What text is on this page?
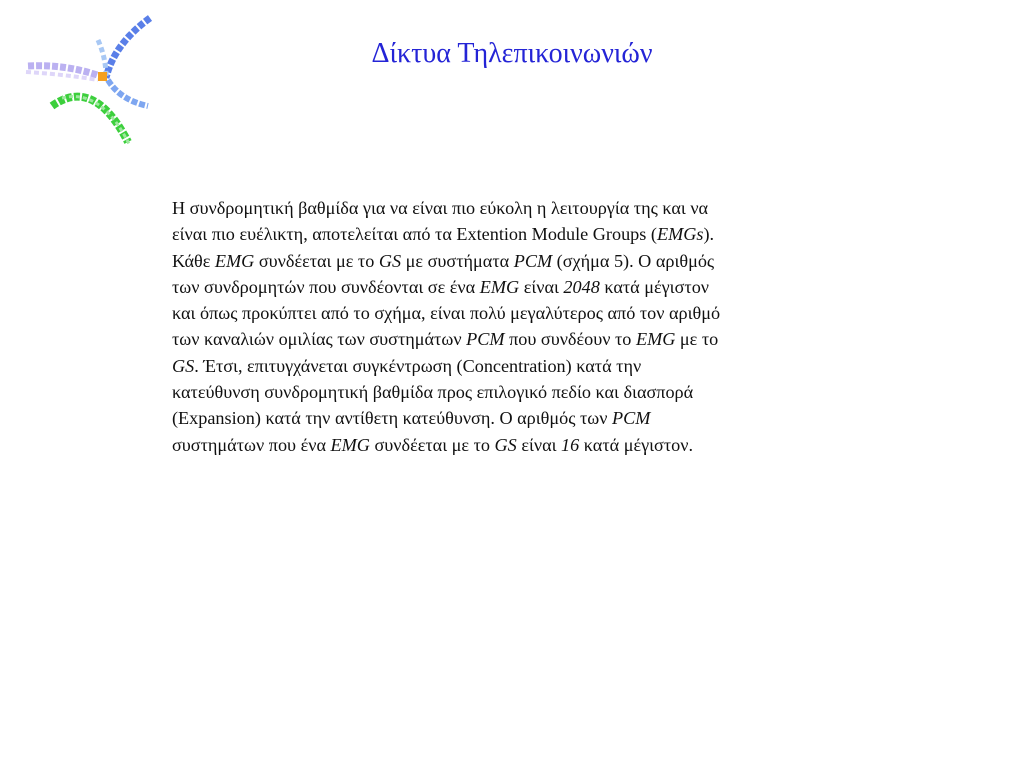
Δίκτυα Τηλεπικοινωνιών
Η συνδρομητική βαθμίδα για να είναι πιο εύκολη η λειτουργία της και να
είναι πιο ευέλικτη, αποτελείται από τα Extention Module Groups (EMGs).
Κάθε EMG συνδέεται με το GS με συστήματα PCM (σχήμα 5). Ο αριθμός
των συνδρομητών που συνδέονται σε ένα EMG είναι 2048 κατά μέγιστον
και όπως προκύπτει από το σχήμα, είναι πολύ μεγαλύτερος από τον αριθμό
των καναλιών ομιλίας των συστημάτων PCM που συνδέουν το EMG με το
GS. Έτσι, επιτυγχάνεται συγκέντρωση (Concentration) κατά την
κατεύθυνση συνδρομητική βαθμίδα προς επιλογικό πεδίο και διασπορά
(Expansion) κατά την αντίθετη κατεύθυνση. Ο αριθμός των PCM
συστημάτων που ένα EMG συνδέεται με το GS είναι 16 κατά μέγιστον.
